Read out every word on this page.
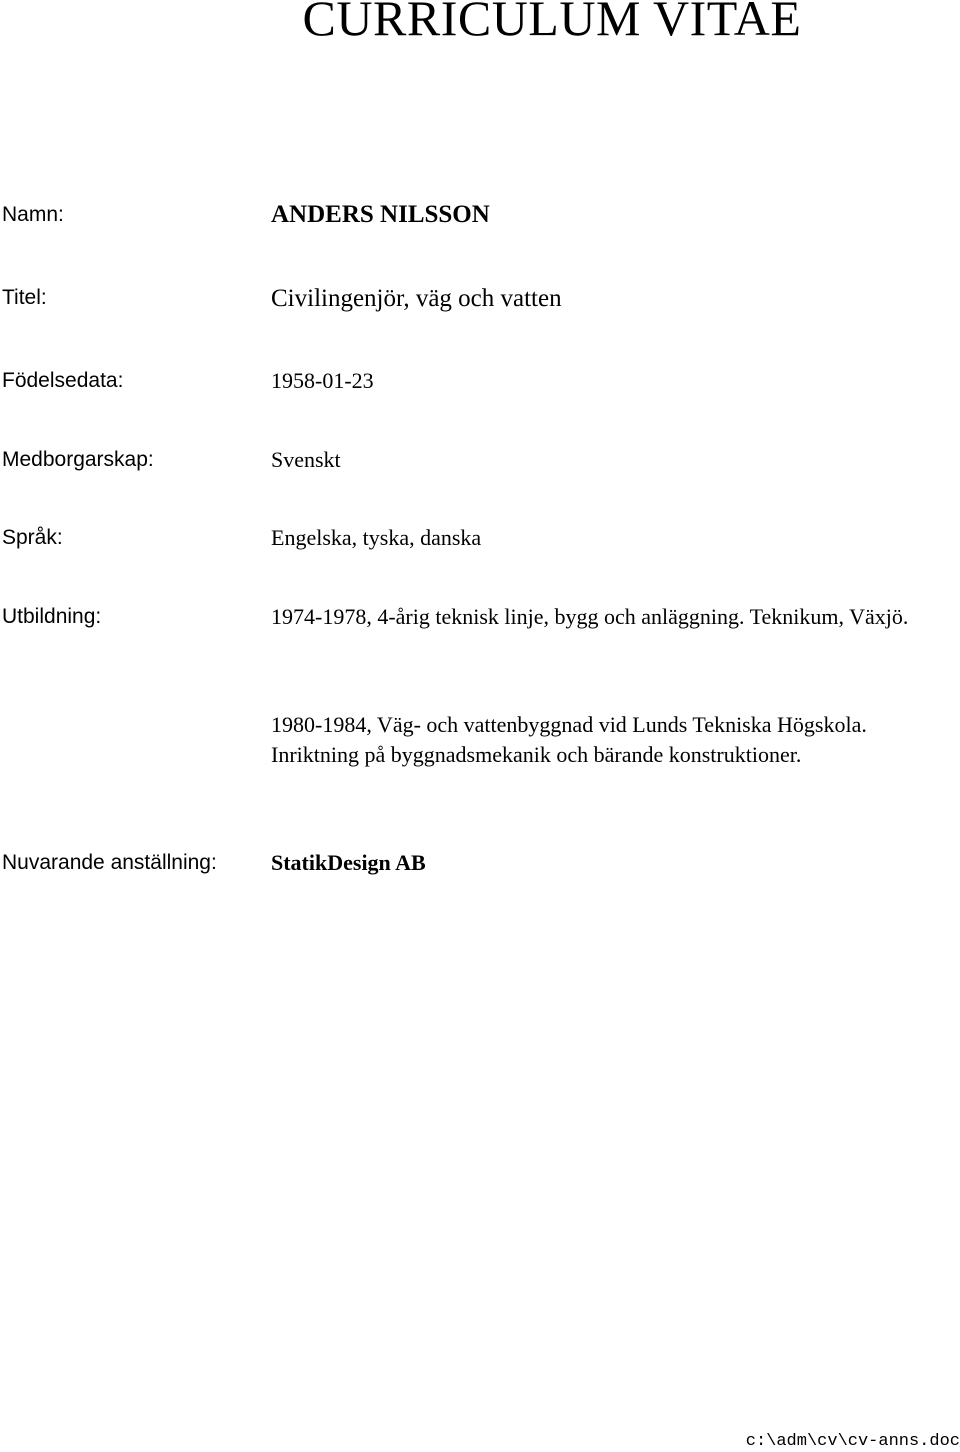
CURRICULUM VITAE
Namn:	ANDERS NILSSON
Titel:	Civilingenjör, väg och vatten
Födelsedata:	1958-01-23
Medborgarskap:	Svenskt
Språk:	Engelska, tyska, danska
Utbildning:	1974-1978, 4-årig teknisk linje, bygg och anläggning. Teknikum, Växjö.

1980-1984, Väg- och vattenbyggnad vid Lunds Tekniska Högskola. Inriktning på byggnadsmekanik och bärande konstruktioner.

Nuvarande anställning: StatikDesign AB
c:\adm\cv\cv-anns.doc
